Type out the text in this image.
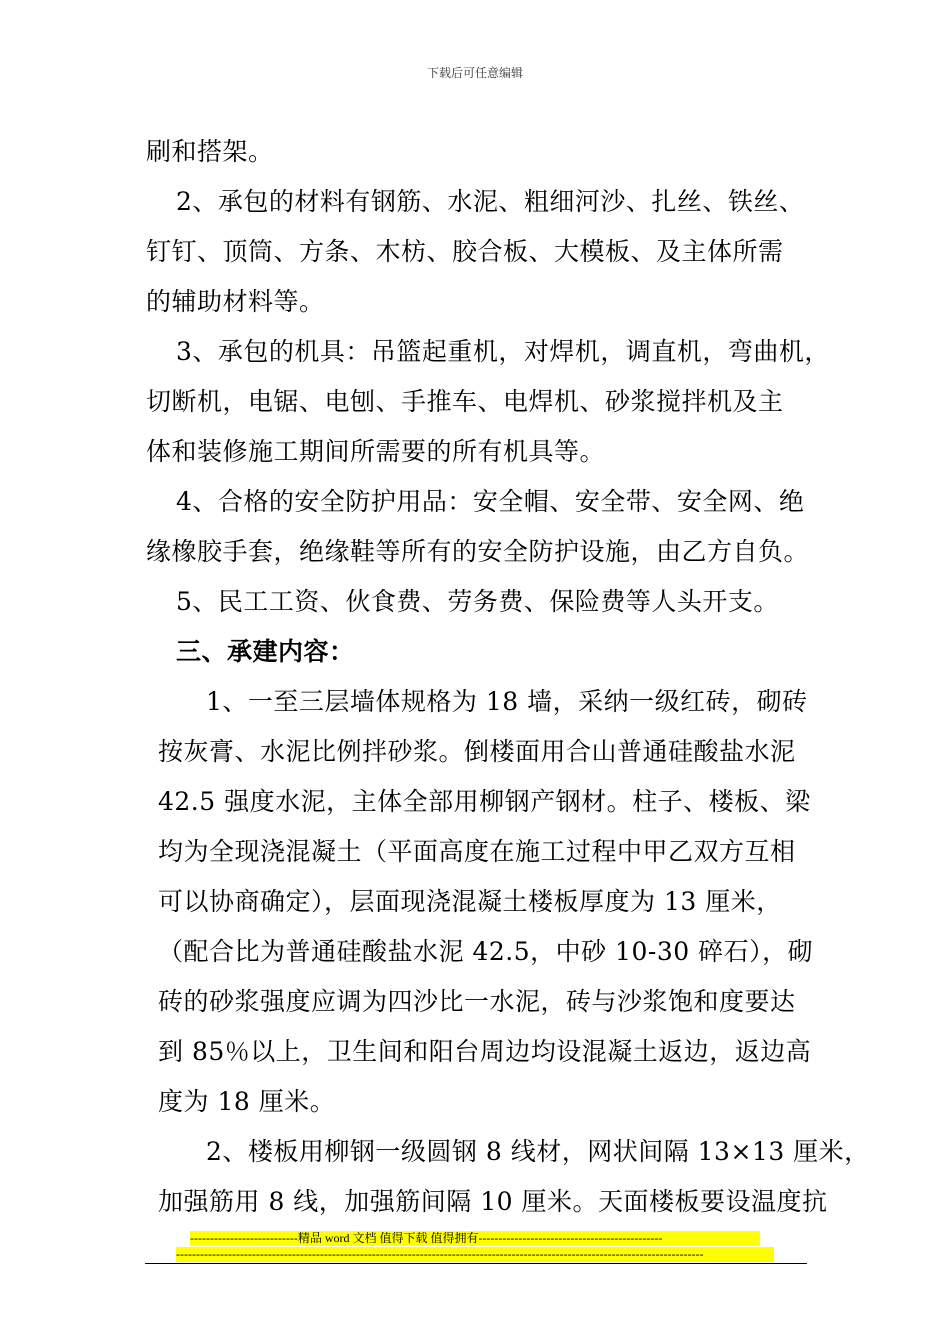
下载后可任意编辑
刷和搭架。
2、承包的材料有钢筋、水泥、粗细河沙、扎丝、铁丝、
钉钉、顶筒、方条、木枋、胶合板、大模板、及主体所需
的辅助材料等。
3、承包的机具：吊篮起重机，对焊机，调直机，弯曲机，
切断机，电锯、电刨、手推车、电焊机、砂浆搅拌机及主
体和装修施工期间所需要的所有机具等。
4、合格的安全防护用品：安全帽、安全带、安全网、绝
缘橡胶手套，绝缘鞋等所有的安全防护设施，由乙方自负。
5、民工工资、伙食费、劳务费、保险费等人头开支。
三、承建内容：
1、一至三层墙体规格为 18 墙，采纳一级红砖，砌砖
按灰膏、水泥比例拌砂浆。倒楼面用合山普通硅酸盐水泥
42.5 强度水泥，主体全部用柳钢产钢材。柱子、楼板、梁
均为全现浇混凝土（平面高度在施工过程中甲乙双方互相
可以协商确定），层面现浇混凝土楼板厚度为 13 厘米，
（配合比为普通硅酸盐水泥 42.5，中砂 10-30 碎石），砌
砖的砂浆强度应调为四沙比一水泥，砖与沙浆饱和度要达
到 85％以上，卫生间和阳台周边均设混凝土返边，返边高
度为 18 厘米。
2、楼板用柳钢一级圆钢 8 线材，网状间隔 13×13 厘米，
加强筋用 8 线，加强筋间隔 10 厘米。天面楼板要设温度抗
---------------------------精品 word 文档 值得下载 值得拥有----------------------------------------------
------------------------------------------------------------------------------------------------------------------------------------
